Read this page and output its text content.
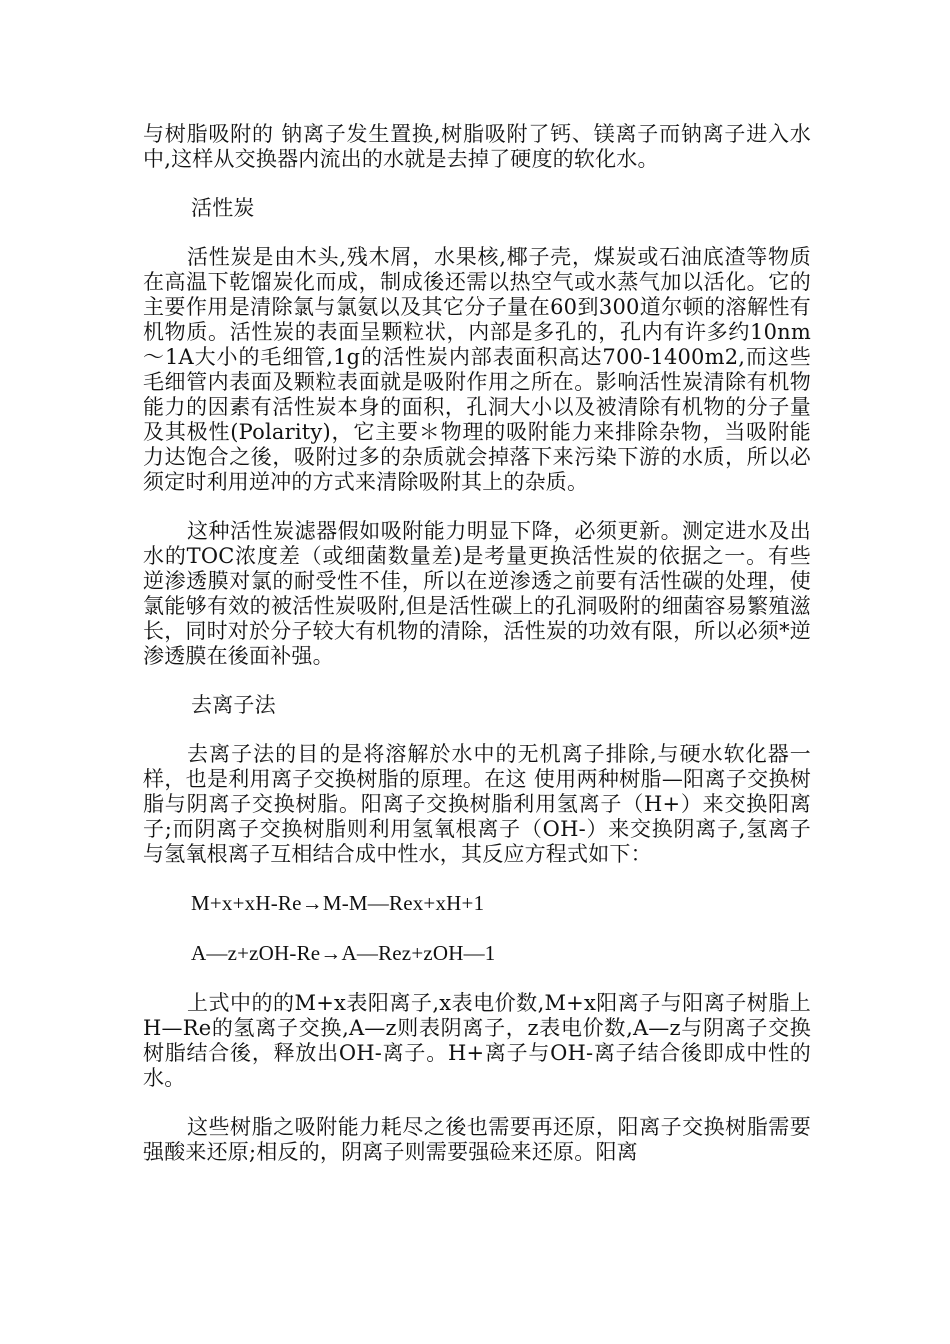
与树脂吸附的 钠离子发生置换,树脂吸附了钙、镁离子而钠离子进入水中,这样从交换器内流出的水就是去掉了硬度的软化水。

活性炭

活性炭是由木头,残木屑，水果核,椰子壳，煤炭或石油底渣等物质在高温下乾馏炭化而成，制成後还需以热空气或水蒸气加以活化。它的主要作用是清除氯与氯氨以及其它分子量在60到300道尔顿的溶解性有机物质。活性炭的表面呈颗粒状，内部是多孔的，孔内有许多约10nm～1A大小的毛细管,1g的活性炭内部表面积高达700-1400m2,而这些毛细管内表面及颗粒表面就是吸附作用之所在。影响活性炭清除有机物能力的因素有活性炭本身的面积，孔洞大小以及被清除有机物的分子量及其极性(Polarity)，它主要＊物理的吸附能力来排除杂物，当吸附能力达饱合之後，吸附过多的杂质就会掉落下来污染下游的水质，所以必须定时利用逆冲的方式来清除吸附其上的杂质。

这种活性炭滤器假如吸附能力明显下降，必须更新。测定进水及出水的TOC浓度差（或细菌数量差)是考量更换活性炭的依据之一。有些逆渗透膜对氯的耐受性不佳，所以在逆渗透之前要有活性碳的处理，使氯能够有效的被活性炭吸附,但是活性碳上的孔洞吸附的细菌容易繁殖滋长，同时对於分子较大有机物的清除，活性炭的功效有限，所以必须*逆渗透膜在後面补强。

去离子法

去离子法的目的是将溶解於水中的无机离子排除,与硬水软化器一样，也是利用离子交换树脂的原理。在这 使用两种树脂—阳离子交换树脂与阴离子交换树脂。阳离子交换树脂利用氢离子（H+）来交换阳离子;而阴离子交换树脂则利用氢氧根离子（OH-）来交换阴离子,氢离子与氢氧根离子互相结合成中性水，其反应方程式如下：

M+x+xH-Re→M-M—Rex+xH+1

A—z+zOH-Re→A—Rez+zOH—1

上式中的的M+x表阳离子,x表电价数,M+x阳离子与阳离子树脂上H—Re的氢离子交换,A—z则表阴离子，z表电价数,A—z与阴离子交换树脂结合後，释放出OH-离子。H+离子与OH-离子结合後即成中性的水。

这些树脂之吸附能力耗尽之後也需要再还原，阳离子交换树脂需要强酸来还原;相反的，阴离子则需要强硷来还原。阳离
